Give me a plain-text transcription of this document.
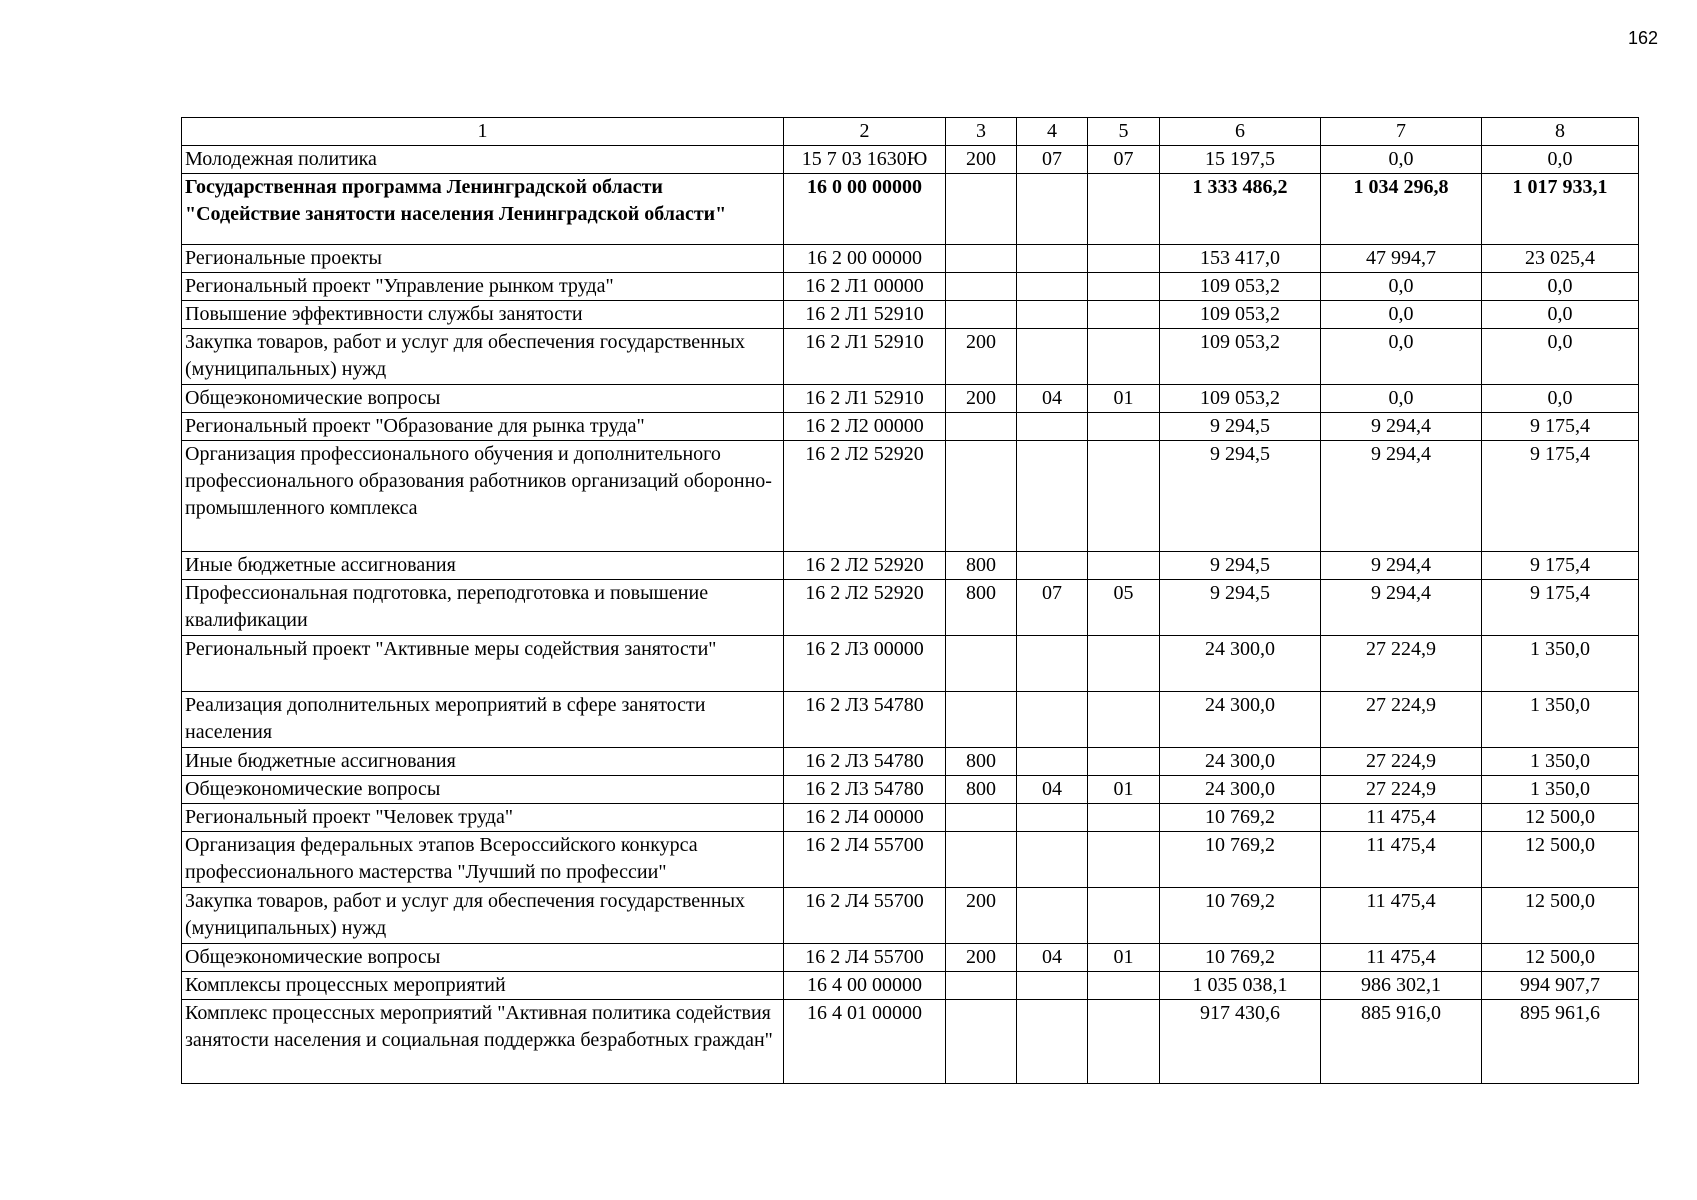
162
1	2	3	4	5	6	7	8
Молодежная политика	15 7 03 1630Ю	200	07	07	15 197,5	0,0	0,0
Государственная программа Ленинградской области "Содействие занятости населения Ленинградской области"	16 0 00 00000				1 333 486,2	1 034 296,8	1 017 933,1
Региональные проекты	16 2 00 00000				153 417,0	47 994,7	23 025,4
Региональный проект "Управление рынком труда"	16 2 Л1 00000				109 053,2	0,0	0,0
Повышение эффективности службы занятости	16 2 Л1 52910				109 053,2	0,0	0,0
Закупка товаров, работ и услуг для обеспечения государственных (муниципальных) нужд	16 2 Л1 52910	200			109 053,2	0,0	0,0
Общеэкономические вопросы	16 2 Л1 52910	200	04	01	109 053,2	0,0	0,0
Региональный проект "Образование для рынка труда"	16 2 Л2 00000				9 294,5	9 294,4	9 175,4
Организация профессионального обучения и дополнительного профессионального образования работников организаций оборонно-промышленного комплекса	16 2 Л2 52920				9 294,5	9 294,4	9 175,4
Иные бюджетные ассигнования	16 2 Л2 52920	800			9 294,5	9 294,4	9 175,4
Профессиональная подготовка, переподготовка и повышение квалификации	16 2 Л2 52920	800	07	05	9 294,5	9 294,4	9 175,4
Региональный проект "Активные меры содействия занятости"	16 2 Л3 00000				24 300,0	27 224,9	1 350,0
Реализация дополнительных мероприятий в сфере занятости населения	16 2 Л3 54780				24 300,0	27 224,9	1 350,0
Иные бюджетные ассигнования	16 2 Л3 54780	800			24 300,0	27 224,9	1 350,0
Общеэкономические вопросы	16 2 Л3 54780	800	04	01	24 300,0	27 224,9	1 350,0
Региональный проект "Человек труда"	16 2 Л4 00000				10 769,2	11 475,4	12 500,0
Организация федеральных этапов Всероссийского конкурса профессионального мастерства "Лучший по профессии"	16 2 Л4 55700				10 769,2	11 475,4	12 500,0
Закупка товаров, работ и услуг для обеспечения государственных (муниципальных) нужд	16 2 Л4 55700	200			10 769,2	11 475,4	12 500,0
Общеэкономические вопросы	16 2 Л4 55700	200	04	01	10 769,2	11 475,4	12 500,0
Комплексы процессных мероприятий	16 4 00 00000				1 035 038,1	986 302,1	994 907,7
Комплекс процессных мероприятий "Активная политика содействия занятости населения и социальная поддержка безработных граждан"	16 4 01 00000				917 430,6	885 916,0	895 961,6
